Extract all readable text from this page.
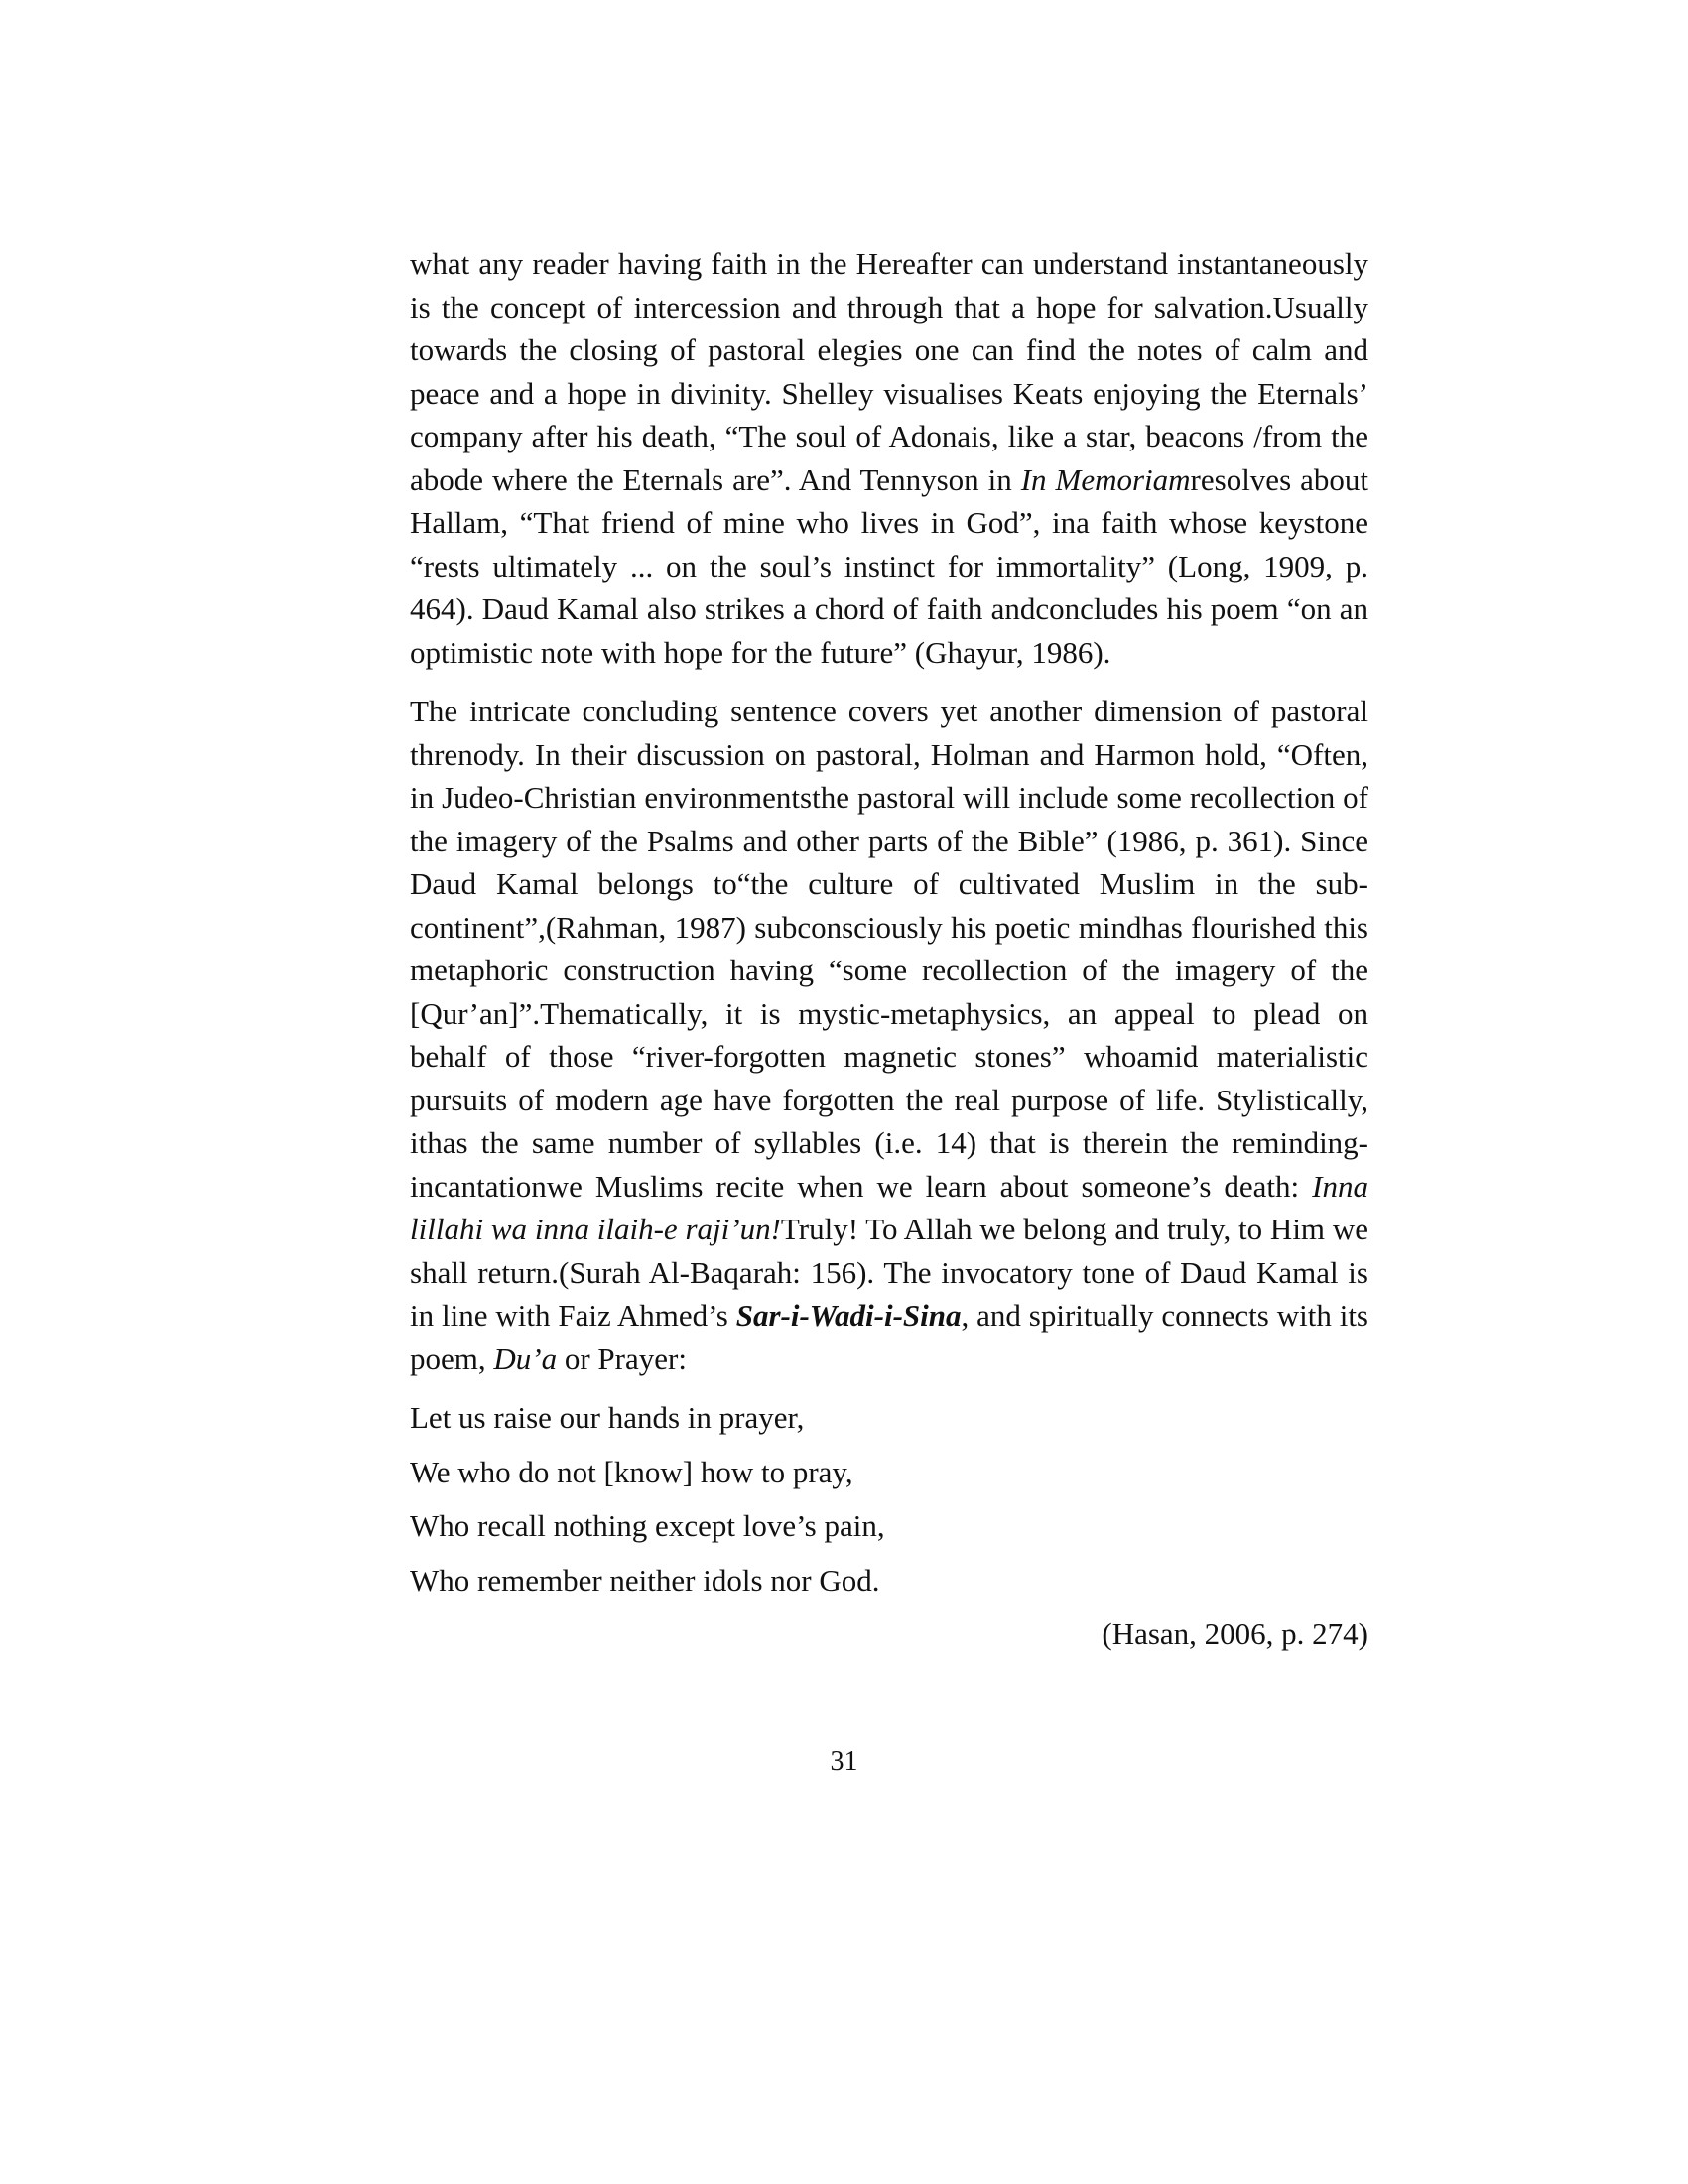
what any reader having faith in the Hereafter can understand instantaneously is the concept of intercession and through that a hope for salvation.Usually towards the closing of pastoral elegies one can find the notes of calm and peace and a hope in divinity. Shelley visualises Keats enjoying the Eternals’ company after his death, “The soul of Adonais, like a star, beacons /from the abode where the Eternals are”. And Tennyson in In Memoriamresolves about Hallam, “That friend of mine who lives in God”, ina faith whose keystone “rests ultimately ... on the soul’s instinct for immortality” (Long, 1909, p. 464). Daud Kamal also strikes a chord of faith andconcludes his poem “on an optimistic note with hope for the future” (Ghayur, 1986).

The intricate concluding sentence covers yet another dimension of pastoral threnody. In their discussion on pastoral, Holman and Harmon hold, “Often, in Judeo-Christian environmentsthe pastoral will include some recollection of the imagery of the Psalms and other parts of the Bible” (1986, p. 361). Since Daud Kamal belongs to“the culture of cultivated Muslim in the sub-continent”,(Rahman, 1987) subconsciously his poetic mindhas flourished this metaphoric construction having “some recollection of the imagery of the [Qur’an]”.Thematically, it is mystic-metaphysics, an appeal to plead on behalf of those “river-forgotten magnetic stones” whoamid materialistic pursuits of modern age have forgotten the real purpose of life. Stylistically, ithas the same number of syllables (i.e. 14) that is therein the reminding-incantationwe Muslims recite when we learn about someone’s death: Inna lillahi wa inna ilaih-e raji’un!Truly! To Allah we belong and truly, to Him we shall return.(Surah Al-Baqarah: 156). The invocatory tone of Daud Kamal is in line with Faiz Ahmed’s Sar-i-Wadi-i-Sina, and spiritually connects with its poem, Du’a or Prayer:

Let us raise our hands in prayer,

We who do not [know] how to pray,

Who recall nothing except love’s pain,

Who remember neither idols nor God.

(Hasan, 2006, p. 274)
31
